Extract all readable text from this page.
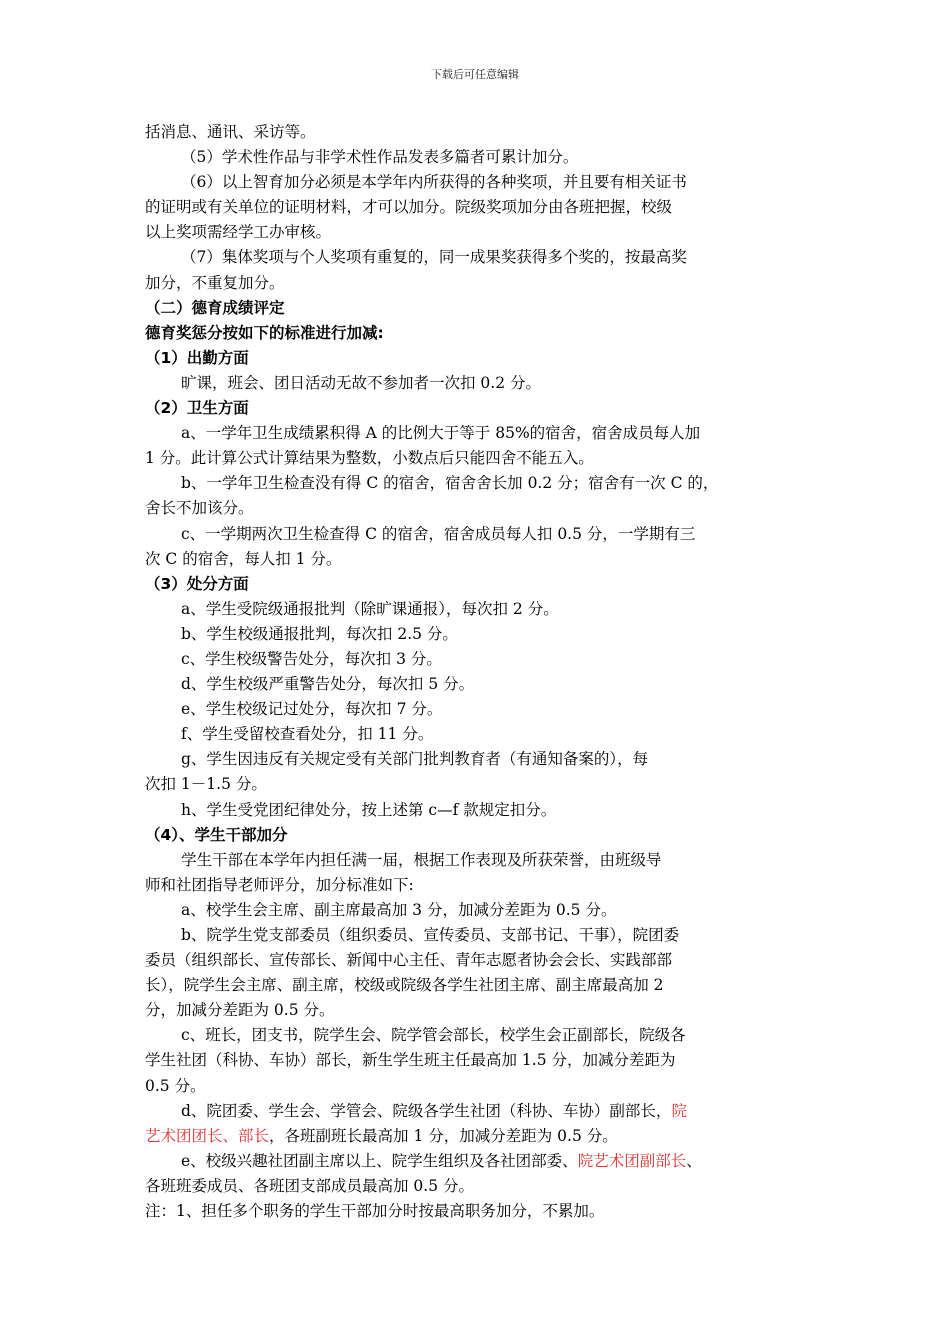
下载后可任意编辑

括消息、通讯、采访等。

（5）学术性作品与非学术性作品发表多篇者可累计加分。

（6）以上智育加分必须是本学年内所获得的各种奖项，并且要有相关证书

的证明或有关单位的证明材料，才可以加分。院级奖项加分由各班把握，校级

以上奖项需经学工办审核。

（7）集体奖项与个人奖项有重复的，同一成果奖获得多个奖的，按最高奖

加分，不重复加分。

（二）德育成绩评定

德育奖惩分按如下的标准进行加减:

（1）出勤方面

旷课，班会、团日活动无故不参加者一次扣 0.2 分。

（2）卫生方面

a、一学年卫生成绩累积得 A 的比例大于等于 85%的宿舍，宿舍成员每人加

1 分。此计算公式计算结果为整数，小数点后只能四舍不能五入。

b、一学年卫生检查没有得 C 的宿舍，宿舍舍长加 0.2 分；宿舍有一次 C 的，

舍长不加该分。

c、一学期两次卫生检查得 C 的宿舍，宿舍成员每人扣 0.5 分，一学期有三

次 C 的宿舍，每人扣 1 分。

（3）处分方面

a、学生受院级通报批判（除旷课通报），每次扣 2 分。

b、学生校级通报批判，每次扣 2.5 分。

c、学生校级警告处分，每次扣 3 分。

d、学生校级严重警告处分，每次扣 5 分。

e、学生校级记过处分，每次扣 7 分。

f、学生受留校查看处分，扣 11 分。

g、学生因违反有关规定受有关部门批判教育者（有通知备案的），每

次扣 1－1.5 分。

h、学生受党团纪律处分，按上述第 c—f 款规定扣分。

（4）、学生干部加分

学生干部在本学年内担任满一届，根据工作表现及所获荣誉，由班级导

师和社团指导老师评分，加分标准如下:

a、校学生会主席、副主席最高加 3 分，加减分差距为 0.5 分。

b、院学生党支部委员（组织委员、宣传委员、支部书记、干事），院团委

委员（组织部长、宣传部长、新闻中心主任、青年志愿者协会会长、实践部部

长），院学生会主席、副主席，校级或院级各学生社团主席、副主席最高加 2

分，加减分差距为 0.5 分。

c、班长，团支书，院学生会、院学管会部长，校学生会正副部长，院级各

学生社团（科协、车协）部长，新生学生班主任最高加 1.5 分，加减分差距为

0.5 分。

d、院团委、学生会、学管会、院级各学生社团（科协、车协）副部长，院

艺术团团长、部长，各班副班长最高加 1 分，加减分差距为 0.5 分。

e、校级兴趣社团副主席以上、院学生组织及各社团部委、院艺术团副部长、

各班班委成员、各班团支部成员最高加 0.5 分。

注：1、担任多个职务的学生干部加分时按最高职务加分，不累加。
